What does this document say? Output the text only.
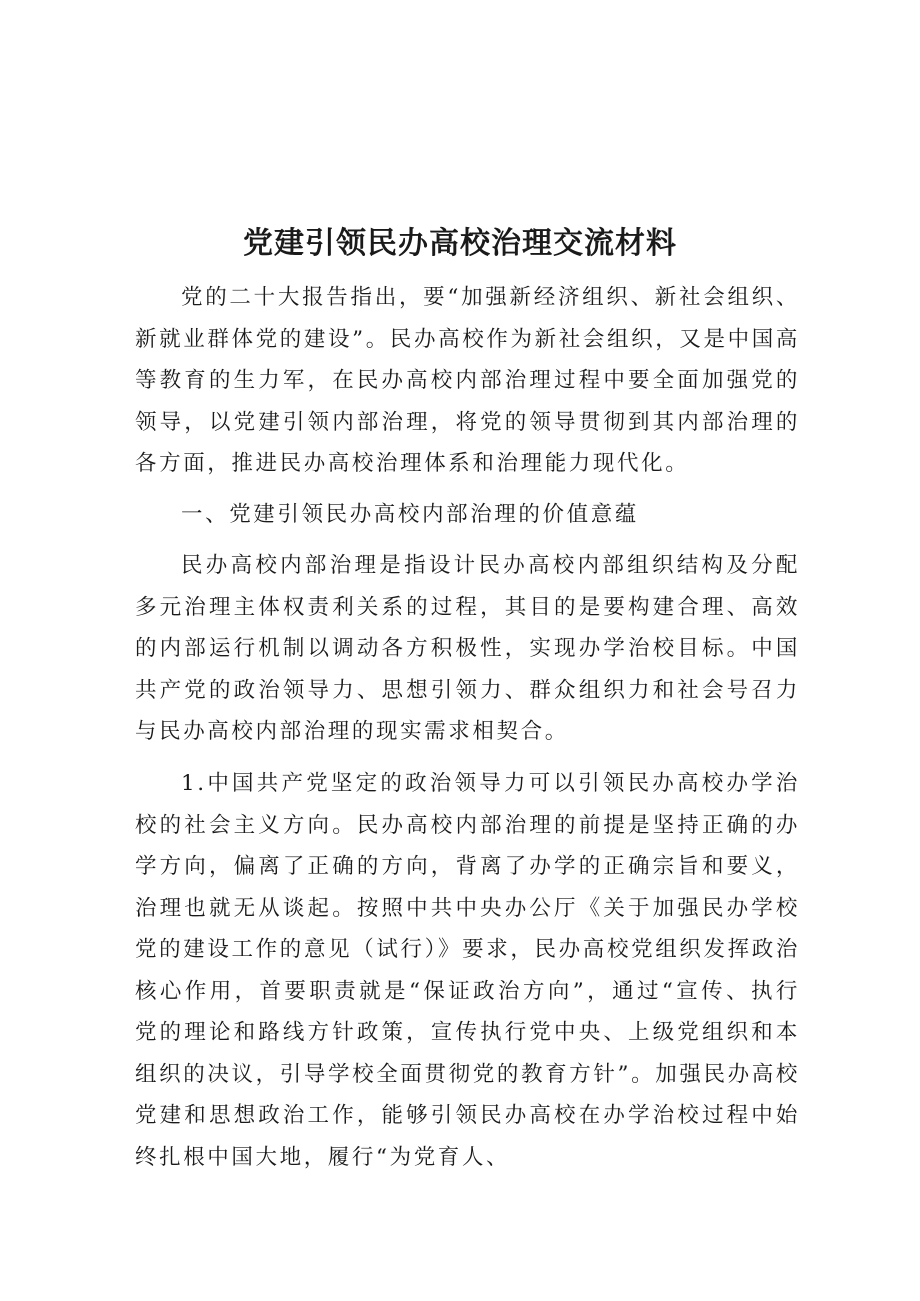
党建引领民办高校治理交流材料

党的二十大报告指出，要“加强新经济组织、新社会组织、新就业群体党的建设”。民办高校作为新社会组织，又是中国高等教育的生力军，在民办高校内部治理过程中要全面加强党的领导，以党建引领内部治理，将党的领导贯彻到其内部治理的各方面，推进民办高校治理体系和治理能力现代化。

一、党建引领民办高校内部治理的价值意蕴

民办高校内部治理是指设计民办高校内部组织结构及分配多元治理主体权责利关系的过程，其目的是要构建合理、高效的内部运行机制以调动各方积极性，实现办学治校目标。中国共产党的政治领导力、思想引领力、群众组织力和社会号召力与民办高校内部治理的现实需求相契合。

1.中国共产党坚定的政治领导力可以引领民办高校办学治校的社会主义方向。民办高校内部治理的前提是坚持正确的办学方向，偏离了正确的方向，背离了办学的正确宗旨和要义，治理也就无从谈起。按照中共中央办公厅《关于加强民办学校党的建设工作的意见（试行）》要求，民办高校党组织发挥政治核心作用，首要职责就是“保证政治方向”，通过“宣传、执行党的理论和路线方针政策，宣传执行党中央、上级党组织和本组织的决议，引导学校全面贯彻党的教育方针”。加强民办高校党建和思想政治工作，能够引领民办高校在办学治校过程中始终扎根中国大地，履行“为党育人、
